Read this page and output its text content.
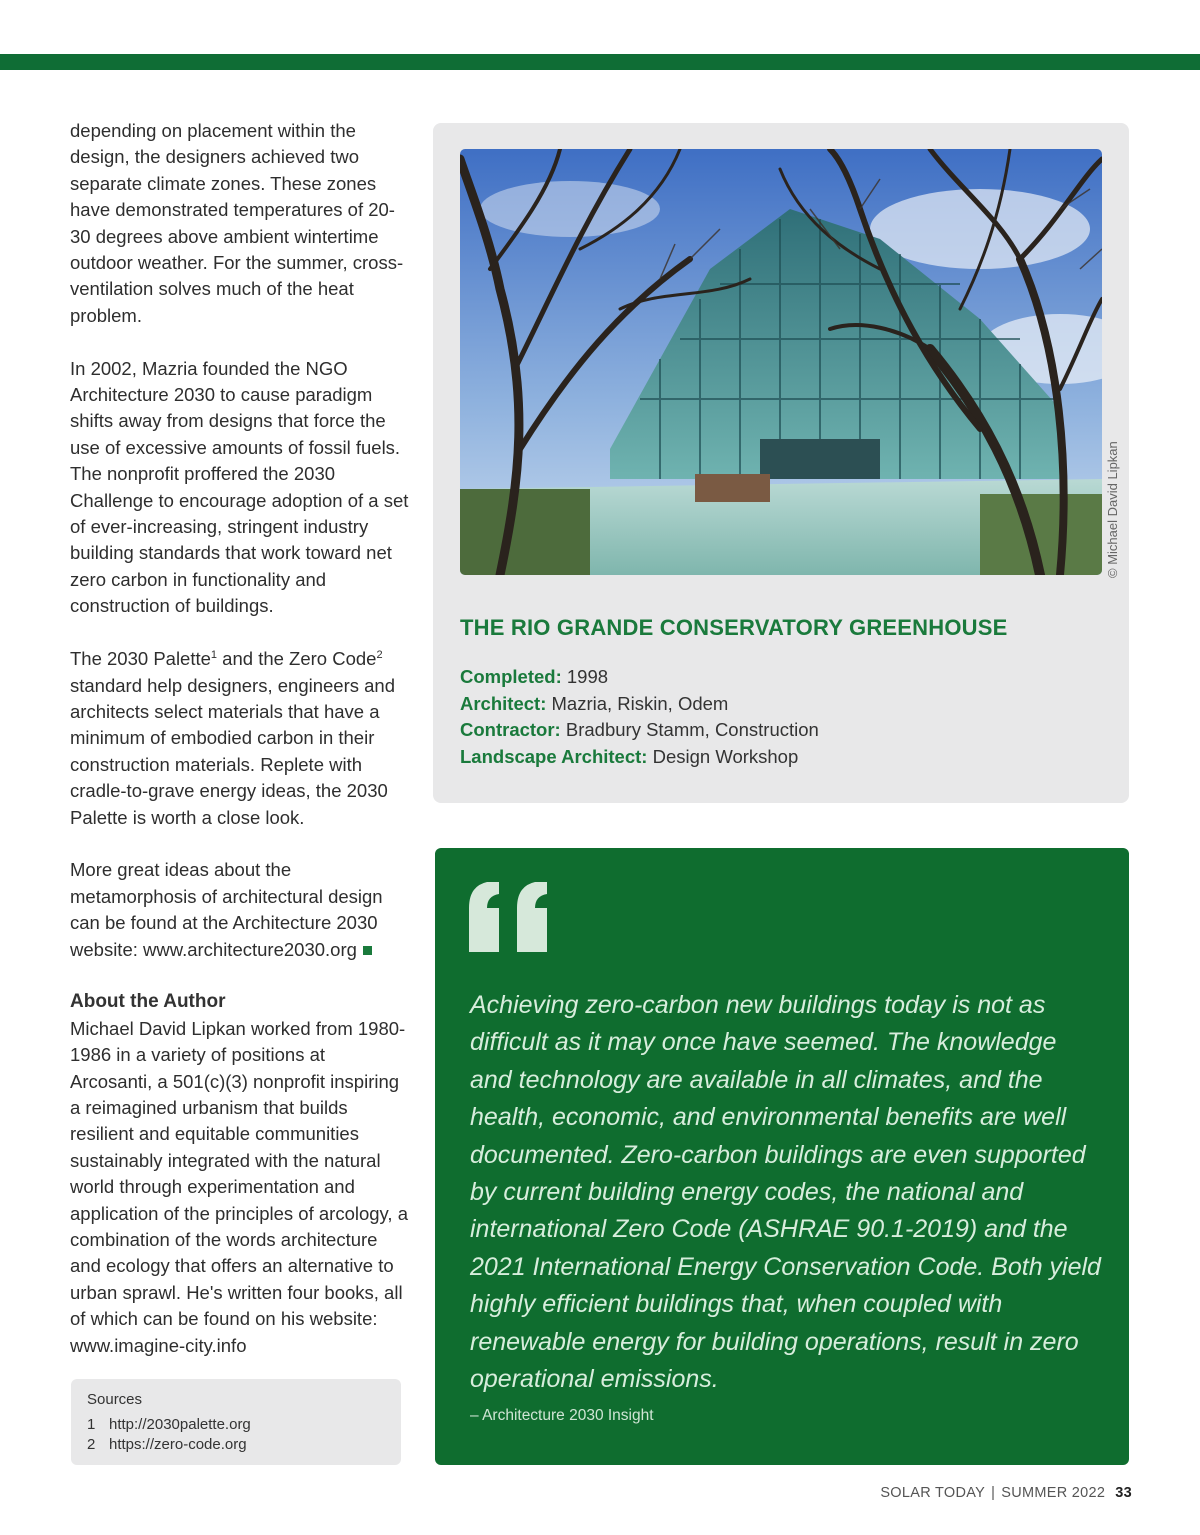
depending on placement within the design, the designers achieved two separate climate zones. These zones have demonstrated temperatures of 20-30 degrees above ambient wintertime outdoor weather. For the summer, cross-ventilation solves much of the heat problem.

In 2002, Mazria founded the NGO Architecture 2030 to cause paradigm shifts away from designs that force the use of excessive amounts of fossil fuels. The nonprofit proffered the 2030 Challenge to encourage adoption of a set of ever-increasing, stringent industry building standards that work toward net zero carbon in functionality and construction of buildings.

The 2030 Palette$^1$ and the Zero Code$^2$ standard help designers, engineers and architects select materials that have a minimum of embodied carbon in their construction materials. Replete with cradle-to-grave energy ideas, the 2030 Palette is worth a close look.

More great ideas about the metamorphosis of architectural design can be found at the Architecture 2030 website: www.architecture2030.org

About the Author

Michael David Lipkan worked from 1980-1986 in a variety of positions at Arcosanti, a 501(c)(3) nonprofit inspiring a reimagined urbanism that builds resilient and equitable communities sustainably integrated with the natural world through experimentation and application of the principles of arcology, a combination of the words architecture and ecology that offers an alternative to urban sprawl. He's written four books, all of which can be found on his website: www.imagine-city.info

Sources
1 http://2030palette.org
2 https://zero-code.org
© Michael David Lipkan
THE RIO GRANDE CONSERVATORY GREENHOUSE
Completed: 1998
Architect: Mazria, Riskin, Odem
Contractor: Bradbury Stamm, Construction
Landscape Architect: Design Workshop
Achieving zero-carbon new buildings today is not as difficult as it may once have seemed. The knowledge and technology are available in all climates, and the health, economic, and environmental benefits are well documented. Zero-carbon buildings are even supported by current building energy codes, the national and international Zero Code (ASHRAE 90.1-2019) and the 2021 International Energy Conservation Code. Both yield highly efficient buildings that, when coupled with renewable energy for building operations, result in zero operational emissions.
– Architecture 2030 Insight
SOLAR TODAY | SUMMER 2022 33
